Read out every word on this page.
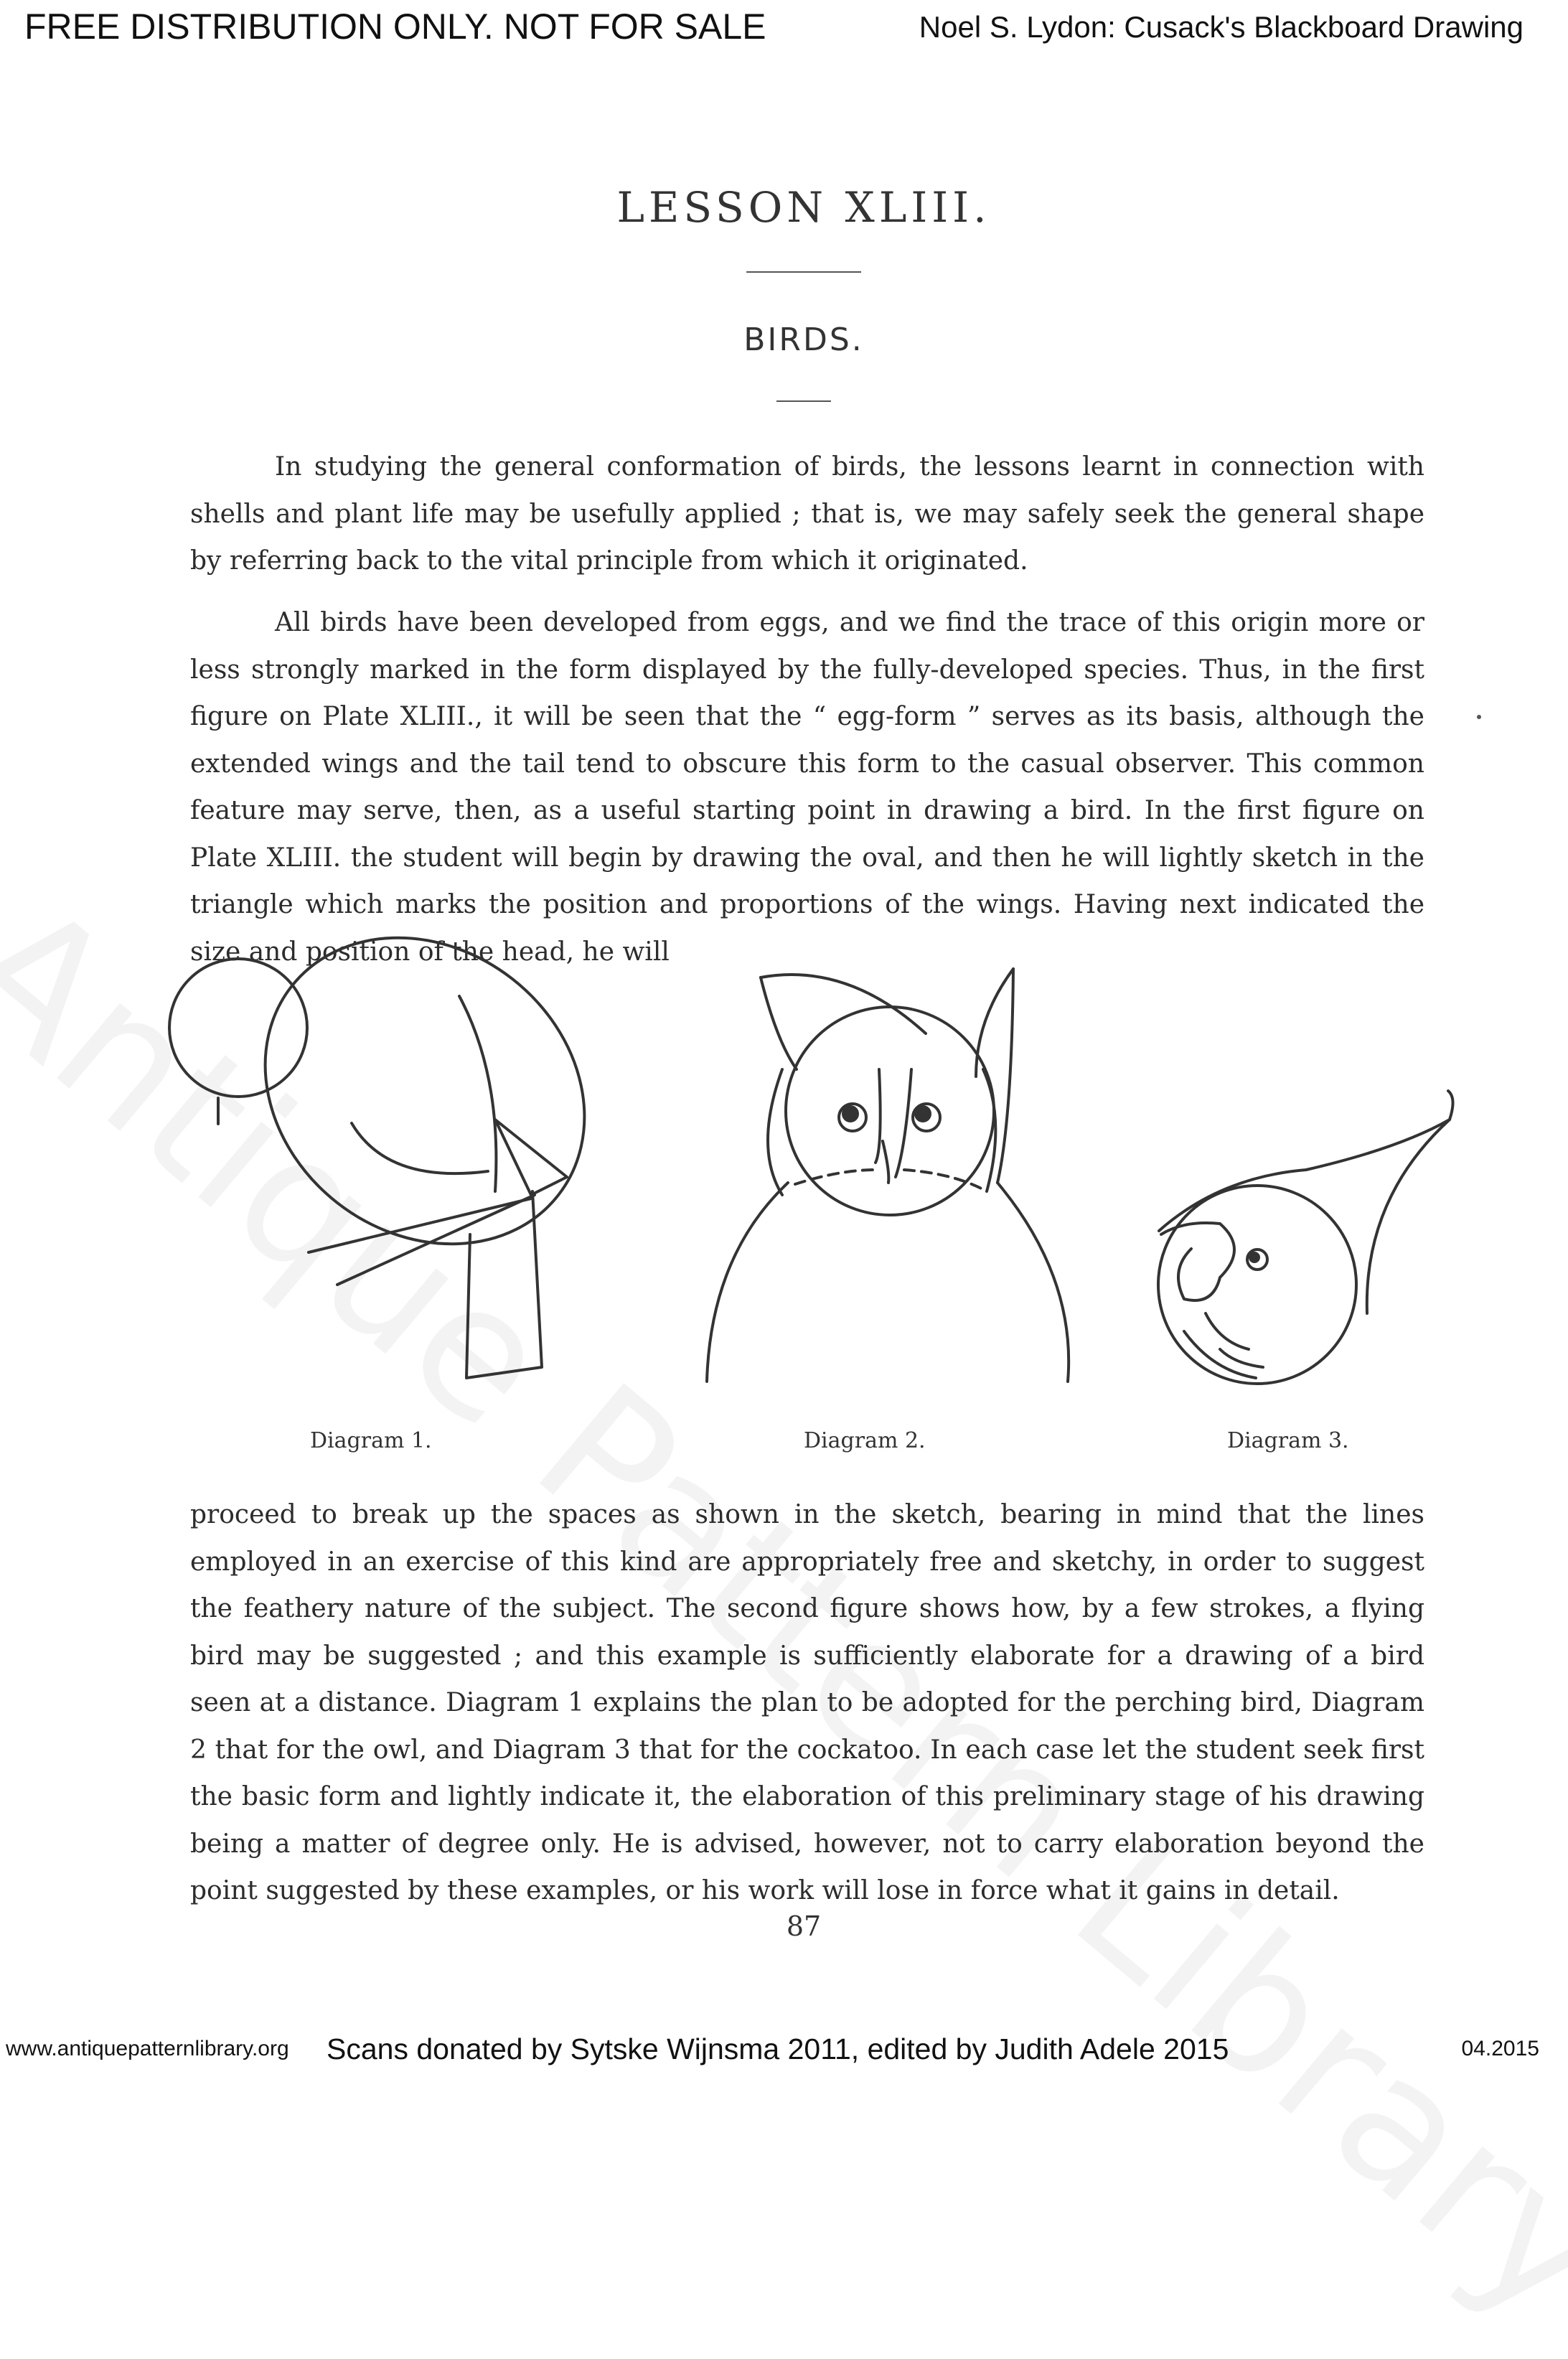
FREE DISTRIBUTION ONLY. NOT FOR SALE	Noel S. Lydon: Cusack's Blackboard Drawing
LESSON XLIII.
BIRDS.

In studying the general conformation of birds, the lessons learnt in connection with shells and plant life may be usefully applied ; that is, we may safely seek the general shape by referring back to the vital principle from which it originated.

All birds have been developed from eggs, and we find the trace of this origin more or less strongly marked in the form displayed by the fully-developed species. Thus, in the first figure on Plate XLIII., it will be seen that the “ egg-form ” serves as its basis, although the extended wings and the tail tend to obscure this form to the casual observer. This common feature may serve, then, as a useful starting point in drawing a bird. In the first figure on Plate XLIII. the student will begin by drawing the oval, and then he will lightly sketch in the triangle which marks the position and proportions of the wings. Having next indicated the size and position of the head, he will

Diagram 1.	Diagram 2.	Diagram 3.

proceed to break up the spaces as shown in the sketch, bearing in mind that the lines employed in an exercise of this kind are appropriately free and sketchy, in order to suggest the feathery nature of the subject. The second figure shows how, by a few strokes, a flying bird may be suggested ; and this example is sufficiently elaborate for a drawing of a bird seen at a distance. Diagram 1 explains the plan to be adopted for the perching bird, Diagram 2 that for the owl, and Diagram 3 that for the cockatoo. In each case let the student seek first the basic form and lightly indicate it, the elaboration of this preliminary stage of his drawing being a matter of degree only. He is advised, however, not to carry elaboration beyond the point suggested by these examples, or his work will lose in force what it gains in detail.

87
www.antiquepatternlibrary.org Scans donated by Sytske Wijnsma 2011, edited by Judith Adele 2015	04.2015
